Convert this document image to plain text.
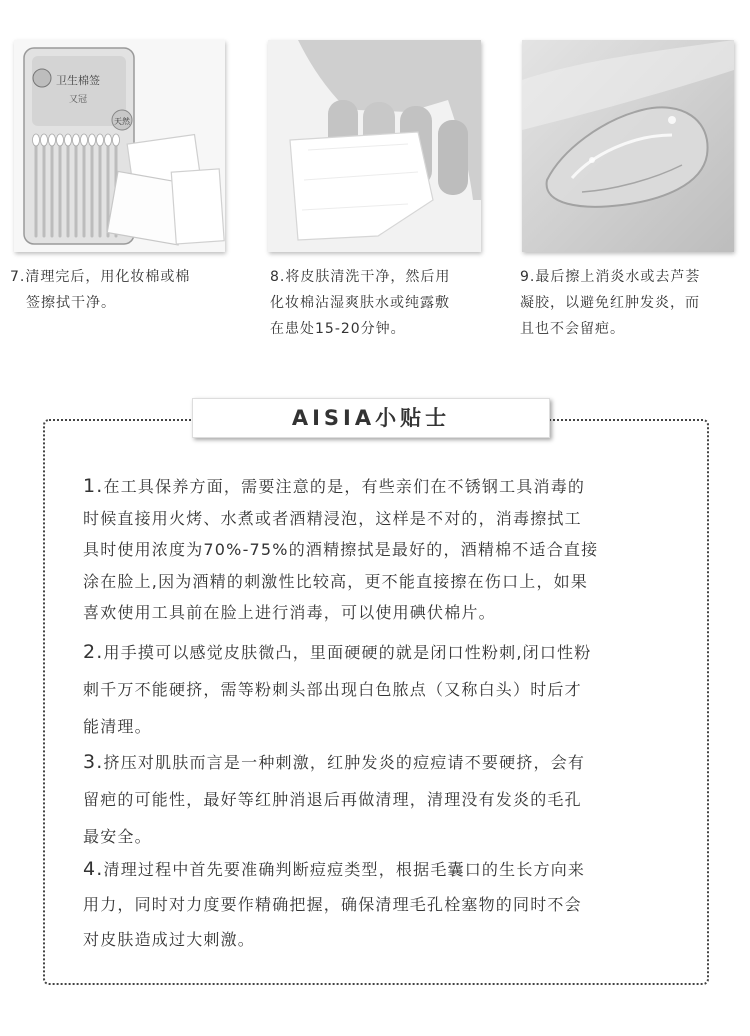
卫生棉签
又冠
天然
7.清理完后，用化妆棉或棉
签擦拭干净。
8.将皮肤清洗干净，然后用
化妆棉沾湿爽肤水或纯露敷
在患处15-20分钟。
9.最后擦上消炎水或去芦荟
凝胶，以避免红肿发炎，而
且也不会留疤。
AISIA小贴士
1.在工具保养方面，需要注意的是，有些亲们在不锈钢工具消毒的
时候直接用火烤、水煮或者酒精浸泡，这样是不对的，消毒擦拭工
具时使用浓度为70%-75%的酒精擦拭是最好的，酒精棉不适合直接
涂在脸上,因为酒精的刺激性比较高，更不能直接擦在伤口上，如果
喜欢使用工具前在脸上进行消毒，可以使用碘伏棉片。
2.用手摸可以感觉皮肤微凸，里面硬硬的就是闭口性粉刺,闭口性粉
刺千万不能硬挤，需等粉刺头部出现白色脓点（又称白头）时后才
能清理。
3.挤压对肌肤而言是一种刺激，红肿发炎的痘痘请不要硬挤，会有
留疤的可能性，最好等红肿消退后再做清理，清理没有发炎的毛孔
最安全。
4.清理过程中首先要准确判断痘痘类型，根据毛囊口的生长方向来
用力，同时对力度要作精确把握，确保清理毛孔栓塞物的同时不会
对皮肤造成过大刺激。
